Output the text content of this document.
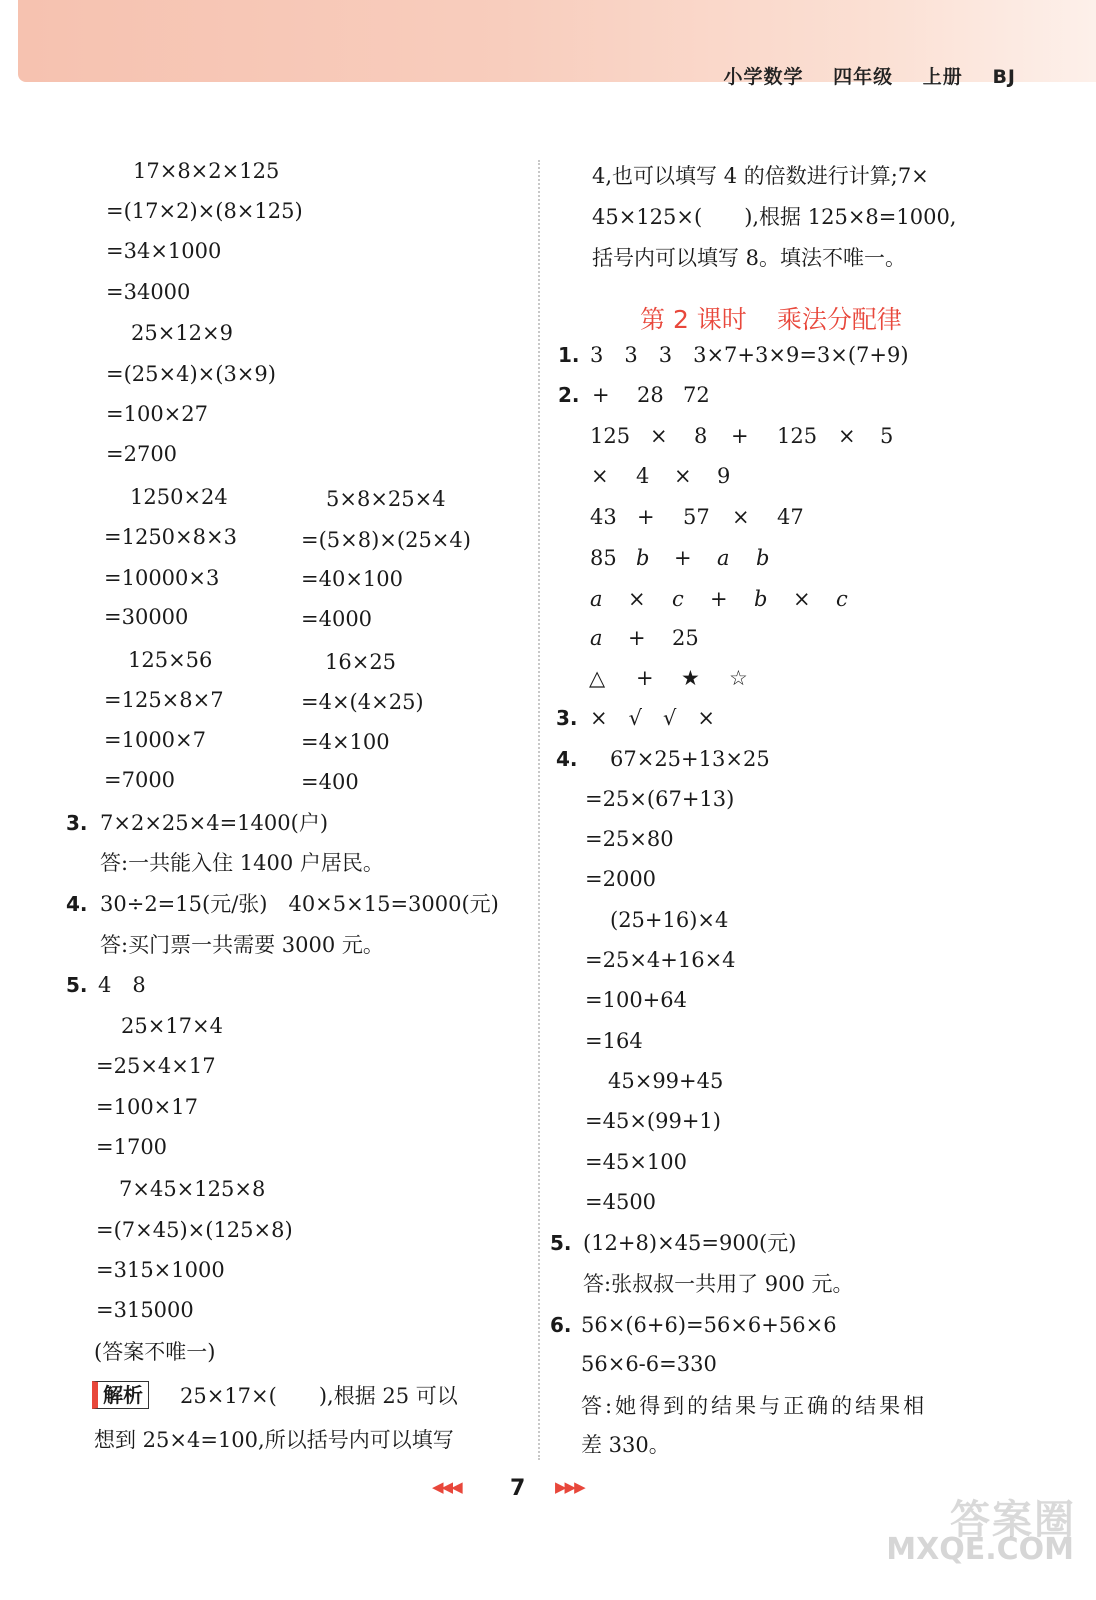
小学数学 四年级 上册 BJ
17×8×2×125
=(17×2)×(8×125)
=34×1000
=34000
25×12×9
=(25×4)×(3×9)
=100×27
=2700
1250×24
=1250×8×3
=10000×3
=30000
5×8×25×4
=(5×8)×(25×4)
=40×100
=4000
125×56
=125×8×7
=1000×7
=7000
16×25
=4×(4×25)
=4×100
=400
3. 7×2×25×4=1400(户)
答:一共能入住 1400 户居民。
4. 30÷2=15(元/张)　40×5×15=3000(元)
答:买门票一共需要 3000 元。
5. 4　8
25×17×4
=25×4×17
=100×17
=1700
7×45×125×8
=(7×45)×(125×8)
=315×1000
=315000
(答案不唯一)
解析 25×17×(　　),根据 25 可以
想到 25×4=100,所以括号内可以填写
4,也可以填写 4 的倍数进行计算;7×
45×125×(　　),根据 125×8=1000,
括号内可以填写 8。填法不唯一。
第 2 课时 乘法分配律
1. 3　3　3　3×7+3×9=3×(7+9)
2. + 28 72
125 × 8 + 125 × 5
× 4 × 9
43 + 57 × 47
85 b + a b
a × c + b × c
a + 25
△ + ★ ☆
3. ×　√　√　×
4. 67×25+13×25
=25×(67+13)
=25×80
=2000
(25+16)×4
=25×4+16×4
=100+64
=164
45×99+45
=45×(99+1)
=45×100
=4500
5. (12+8)×45=900(元)
答:张叔叔一共用了 900 元。
6. 56×(6+6)=56×6+56×6
56×6-6=330
答:她得到的结果与正确的结果相
差 330。
◀◀◀ 7 ▶▶▶
答案圈
MXQE.COM
